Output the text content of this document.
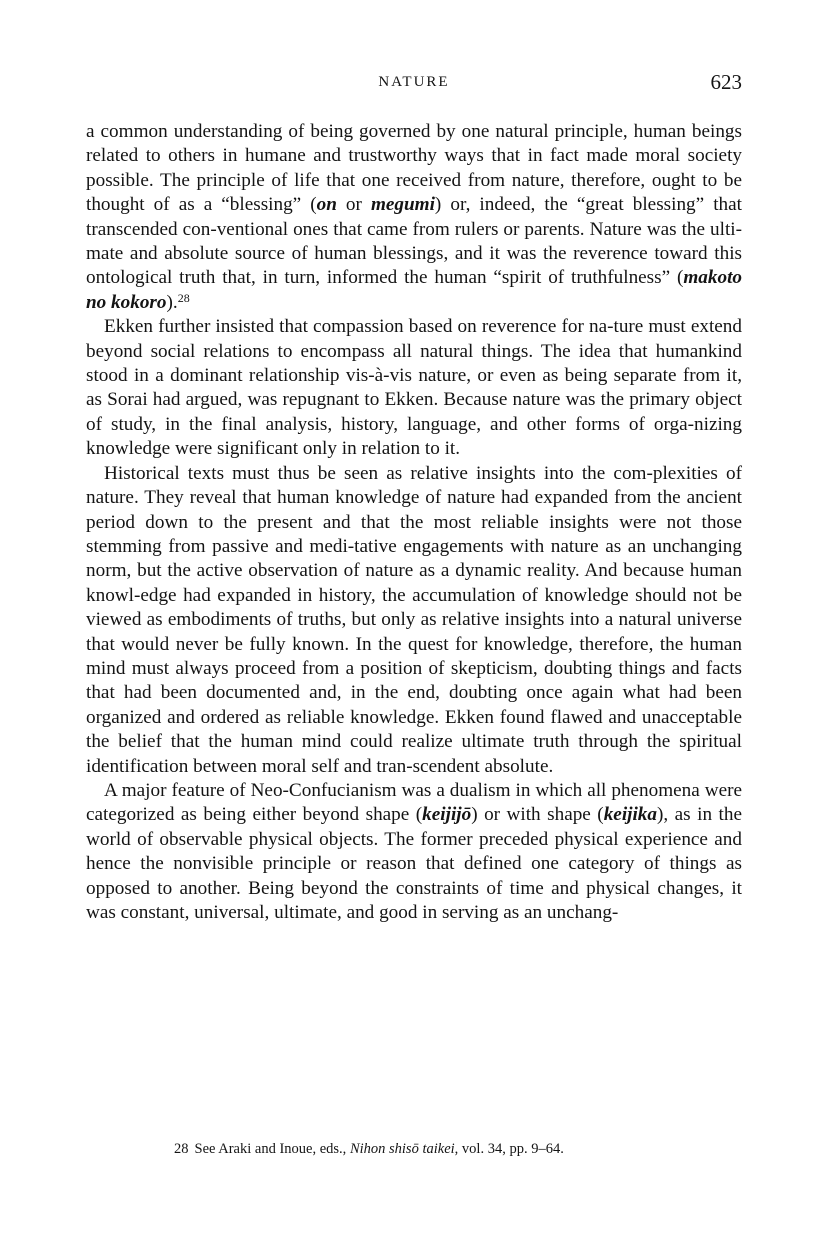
NATURE	623

a common understanding of being governed by one natural principle, human beings related to others in humane and trustworthy ways that in fact made moral society possible. The principle of life that one received from nature, therefore, ought to be thought of as a “blessing” (on or megumi) or, indeed, the “great blessing” that transcended con-ventional ones that came from rulers or parents. Nature was the ulti-mate and absolute source of human blessings, and it was the reverence toward this ontological truth that, in turn, informed the human “spirit of truthfulness” (makoto no kokoro).$^{28}$

Ekken further insisted that compassion based on reverence for na-ture must extend beyond social relations to encompass all natural things. The idea that humankind stood in a dominant relationship vis-à-vis nature, or even as being separate from it, as Sorai had argued, was repugnant to Ekken. Because nature was the primary object of study, in the final analysis, history, language, and other forms of orga-nizing knowledge were significant only in relation to it.

Historical texts must thus be seen as relative insights into the com-plexities of nature. They reveal that human knowledge of nature had expanded from the ancient period down to the present and that the most reliable insights were not those stemming from passive and medi-tative engagements with nature as an unchanging norm, but the active observation of nature as a dynamic reality. And because human knowl-edge had expanded in history, the accumulation of knowledge should not be viewed as embodiments of truths, but only as relative insights into a natural universe that would never be fully known. In the quest for knowledge, therefore, the human mind must always proceed from a position of skepticism, doubting things and facts that had been documented and, in the end, doubting once again what had been organized and ordered as reliable knowledge. Ekken found flawed and unacceptable the belief that the human mind could realize ultimate truth through the spiritual identification between moral self and tran-scendent absolute.

A major feature of Neo-Confucianism was a dualism in which all phenomena were categorized as being either beyond shape (keijijō) or with shape (keijika), as in the world of observable physical objects. The former preceded physical experience and hence the nonvisible principle or reason that defined one category of things as opposed to another. Being beyond the constraints of time and physical changes, it was constant, universal, ultimate, and good in serving as an unchang-

28 See Araki and Inoue, eds., Nihon shisō taikei, vol. 34, pp. 9–64.
